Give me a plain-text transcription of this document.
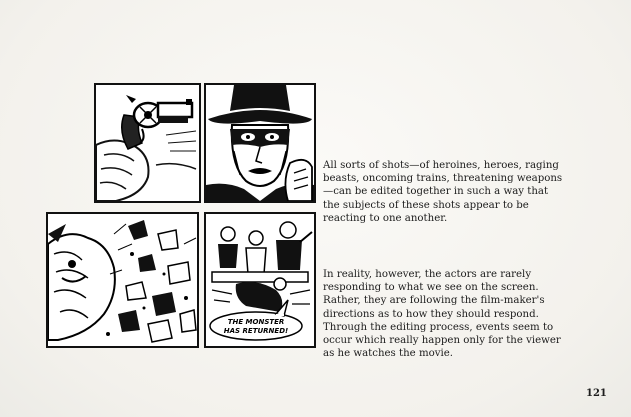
THE MONSTER
HAS RETURNED!

All sorts of shots—of heroines, heroes, raging beasts, oncoming trains, threatening weapons—can be edited together in such a way that the subjects of these shots appear to be reacting to one another.

In reality, however, the actors are rarely responding to what we see on the screen. Rather, they are following the film-maker's directions as to how they should respond. Through the editing process, events seem to occur which really happen only for the viewer as he watches the movie.

121
